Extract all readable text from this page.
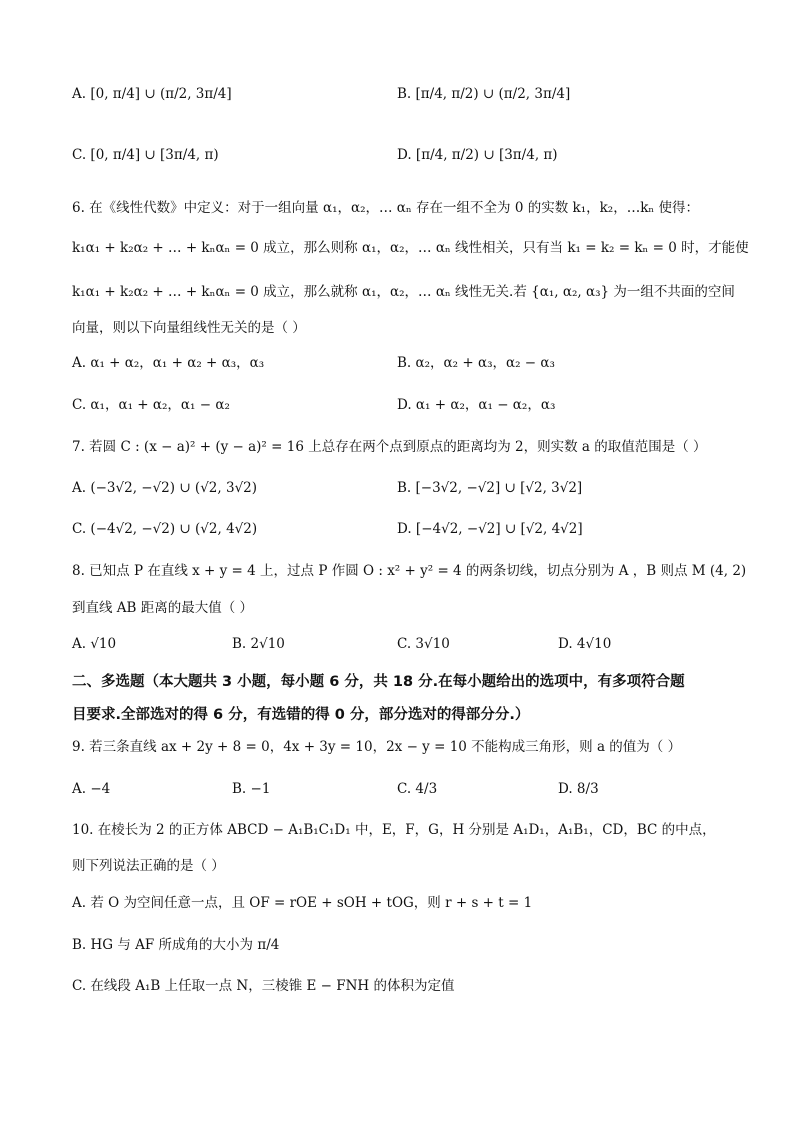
A. [0, π/4] ∪ (π/2, 3π/4]	B. [π/4, π/2) ∪ (π/2, 3π/4]
C. [0, π/4] ∪ [3π/4, π)	D. [π/4, π/2) ∪ [3π/4, π)
6. 在《线性代数》中定义：对于一组向量 α₁，α₂，… αₙ 存在一组不全为 0 的实数 k₁，k₂，…kₙ 使得：
k₁α₁ + k₂α₂ + … + kₙαₙ = 0 成立，那么则称 α₁，α₂，… αₙ 线性相关，只有当 k₁ = k₂ = kₙ = 0 时，才能使
k₁α₁ + k₂α₂ + … + kₙαₙ = 0 成立，那么就称 α₁，α₂，… αₙ 线性无关.若 {α₁, α₂, α₃} 为一组不共面的空间
向量，则以下向量组线性无关的是（ ）
A. α₁ + α₂，α₁ + α₂ + α₃，α₃	B. α₂，α₂ + α₃，α₂ − α₃
C. α₁，α₁ + α₂，α₁ − α₂	D. α₁ + α₂，α₁ − α₂，α₃
7. 若圆 C : (x − a)² + (y − a)² = 16 上总存在两个点到原点的距离均为 2，则实数 a 的取值范围是（ ）
A. (−3√2, −√2) ∪ (√2, 3√2)	B. [−3√2, −√2] ∪ [√2, 3√2]
C. (−4√2, −√2) ∪ (√2, 4√2)	D. [−4√2, −√2] ∪ [√2, 4√2]
8. 已知点 P 在直线 x + y = 4 上，过点 P 作圆 O : x² + y² = 4 的两条切线，切点分别为 A ，B 则点 M (4, 2)
到直线 AB 距离的最大值（ ）
A. √10	B. 2√10	C. 3√10	D. 4√10
二、多选题（本大题共 3 小题，每小题 6 分，共 18 分.在每小题给出的选项中，有多项符合题
目要求.全部选对的得 6 分，有选错的得 0 分，部分选对的得部分分.）
9. 若三条直线 ax + 2y + 8 = 0，4x + 3y = 10，2x − y = 10 不能构成三角形，则 a 的值为（ ）
A. −4	B. −1	C. 4/3	D. 8/3
10. 在棱长为 2 的正方体 ABCD − A₁B₁C₁D₁ 中，E，F，G，H 分别是 A₁D₁，A₁B₁，CD，BC 的中点，
则下列说法正确的是（ ）
A. 若 O 为空间任意一点，且 OF = rOE + sOH + tOG，则 r + s + t = 1
B. HG 与 AF 所成角的大小为 π/4
C. 在线段 A₁B 上任取一点 N，三棱锥 E − FNH 的体积为定值
